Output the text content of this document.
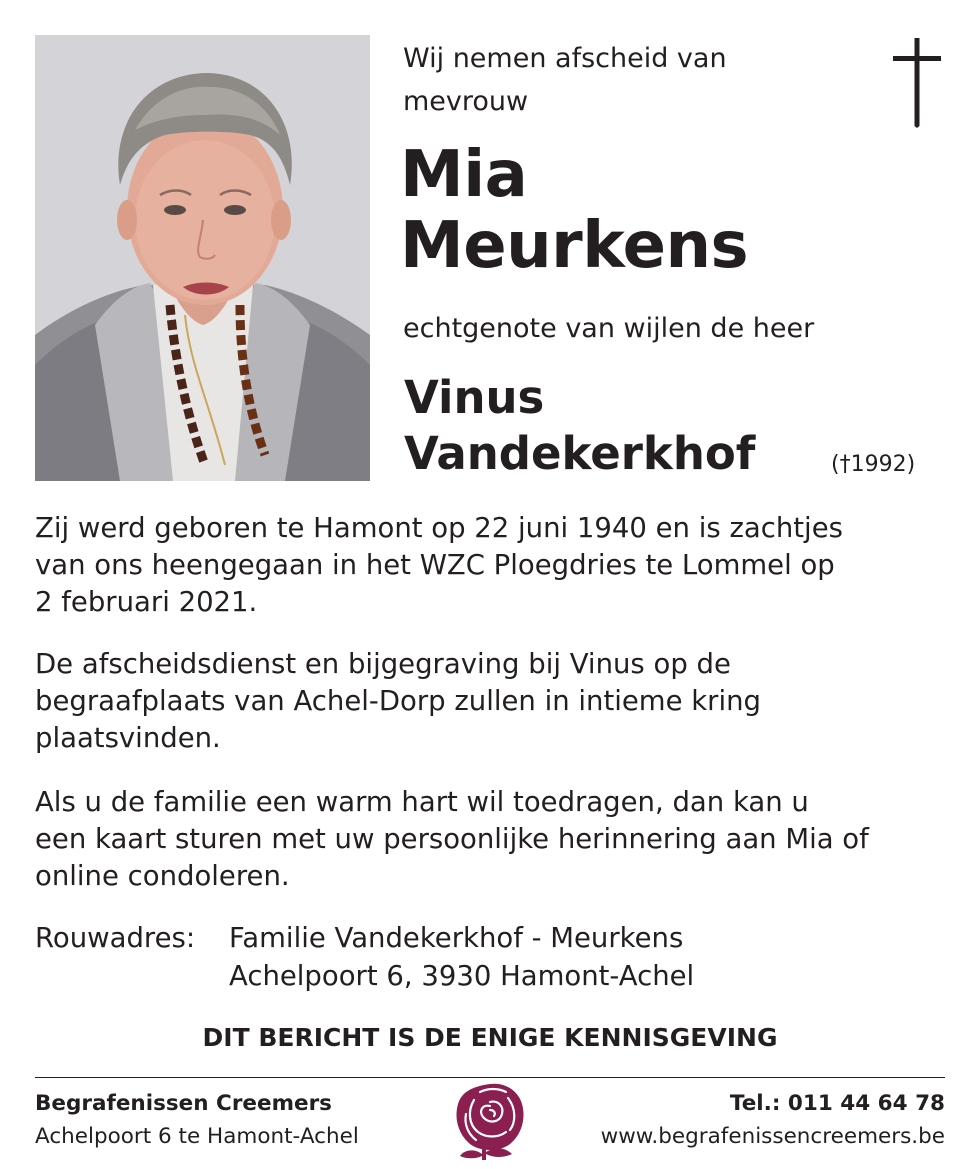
Wij nemen afscheid van
mevrouw
Mia
Meurkens
echtgenote van wijlen de heer
Vinus
Vandekerkhof	(†1992)
Zij werd geboren te Hamont op 22 juni 1940 en is zachtjes
van ons heengegaan in het WZC Ploegdries te Lommel op
2 februari 2021.
De afscheidsdienst en bijgegraving bij Vinus op de
begraafplaats van Achel-Dorp zullen in intieme kring
plaatsvinden.
Als u de familie een warm hart wil toedragen, dan kan u
een kaart sturen met uw persoonlijke herinnering aan Mia of
online condoleren.
Rouwadres: Familie Vandekerkhof - Meurkens
Achelpoort 6, 3930 Hamont-Achel
DIT BERICHT IS DE ENIGE KENNISGEVING
Begrafenissen Creemers
Achelpoort 6 te Hamont-Achel
Tel.: 011 44 64 78
www.begrafenissencreemers.be
